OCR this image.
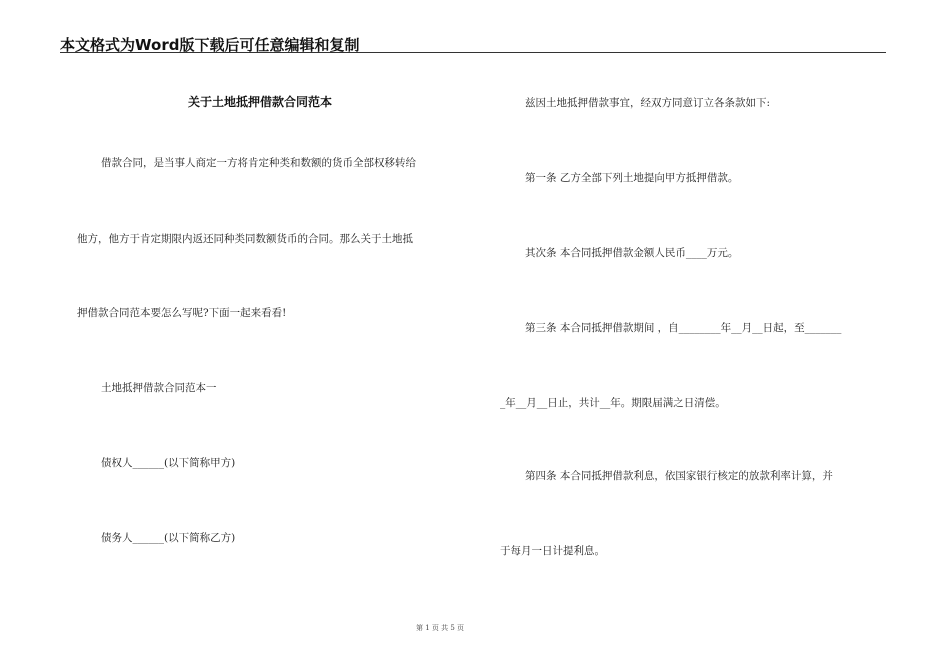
本文格式为Word版下载后可任意编辑和复制
关于土地抵押借款合同范本
借款合同，是当事人商定一方将肯定种类和数额的货币全部权移转给
他方，他方于肯定期限内返还同种类同数额货币的合同。那么关于土地抵
押借款合同范本要怎么写呢?下面一起来看看!
土地抵押借款合同范本一
债权人______(以下简称甲方)
债务人______(以下简称乙方)
兹因土地抵押借款事宜，经双方同意订立各条款如下:
第一条 乙方全部下列土地提向甲方抵押借款。
其次条 本合同抵押借款金额人民币____万元。
第三条 本合同抵押借款期间 ，自________年__月__日起，至_______
_年__月__日止，共计__年。期限届满之日清偿。
第四条 本合同抵押借款利息，依国家银行核定的放款利率计算，并
于每月一日计提利息。
第 1 页 共 5 页
